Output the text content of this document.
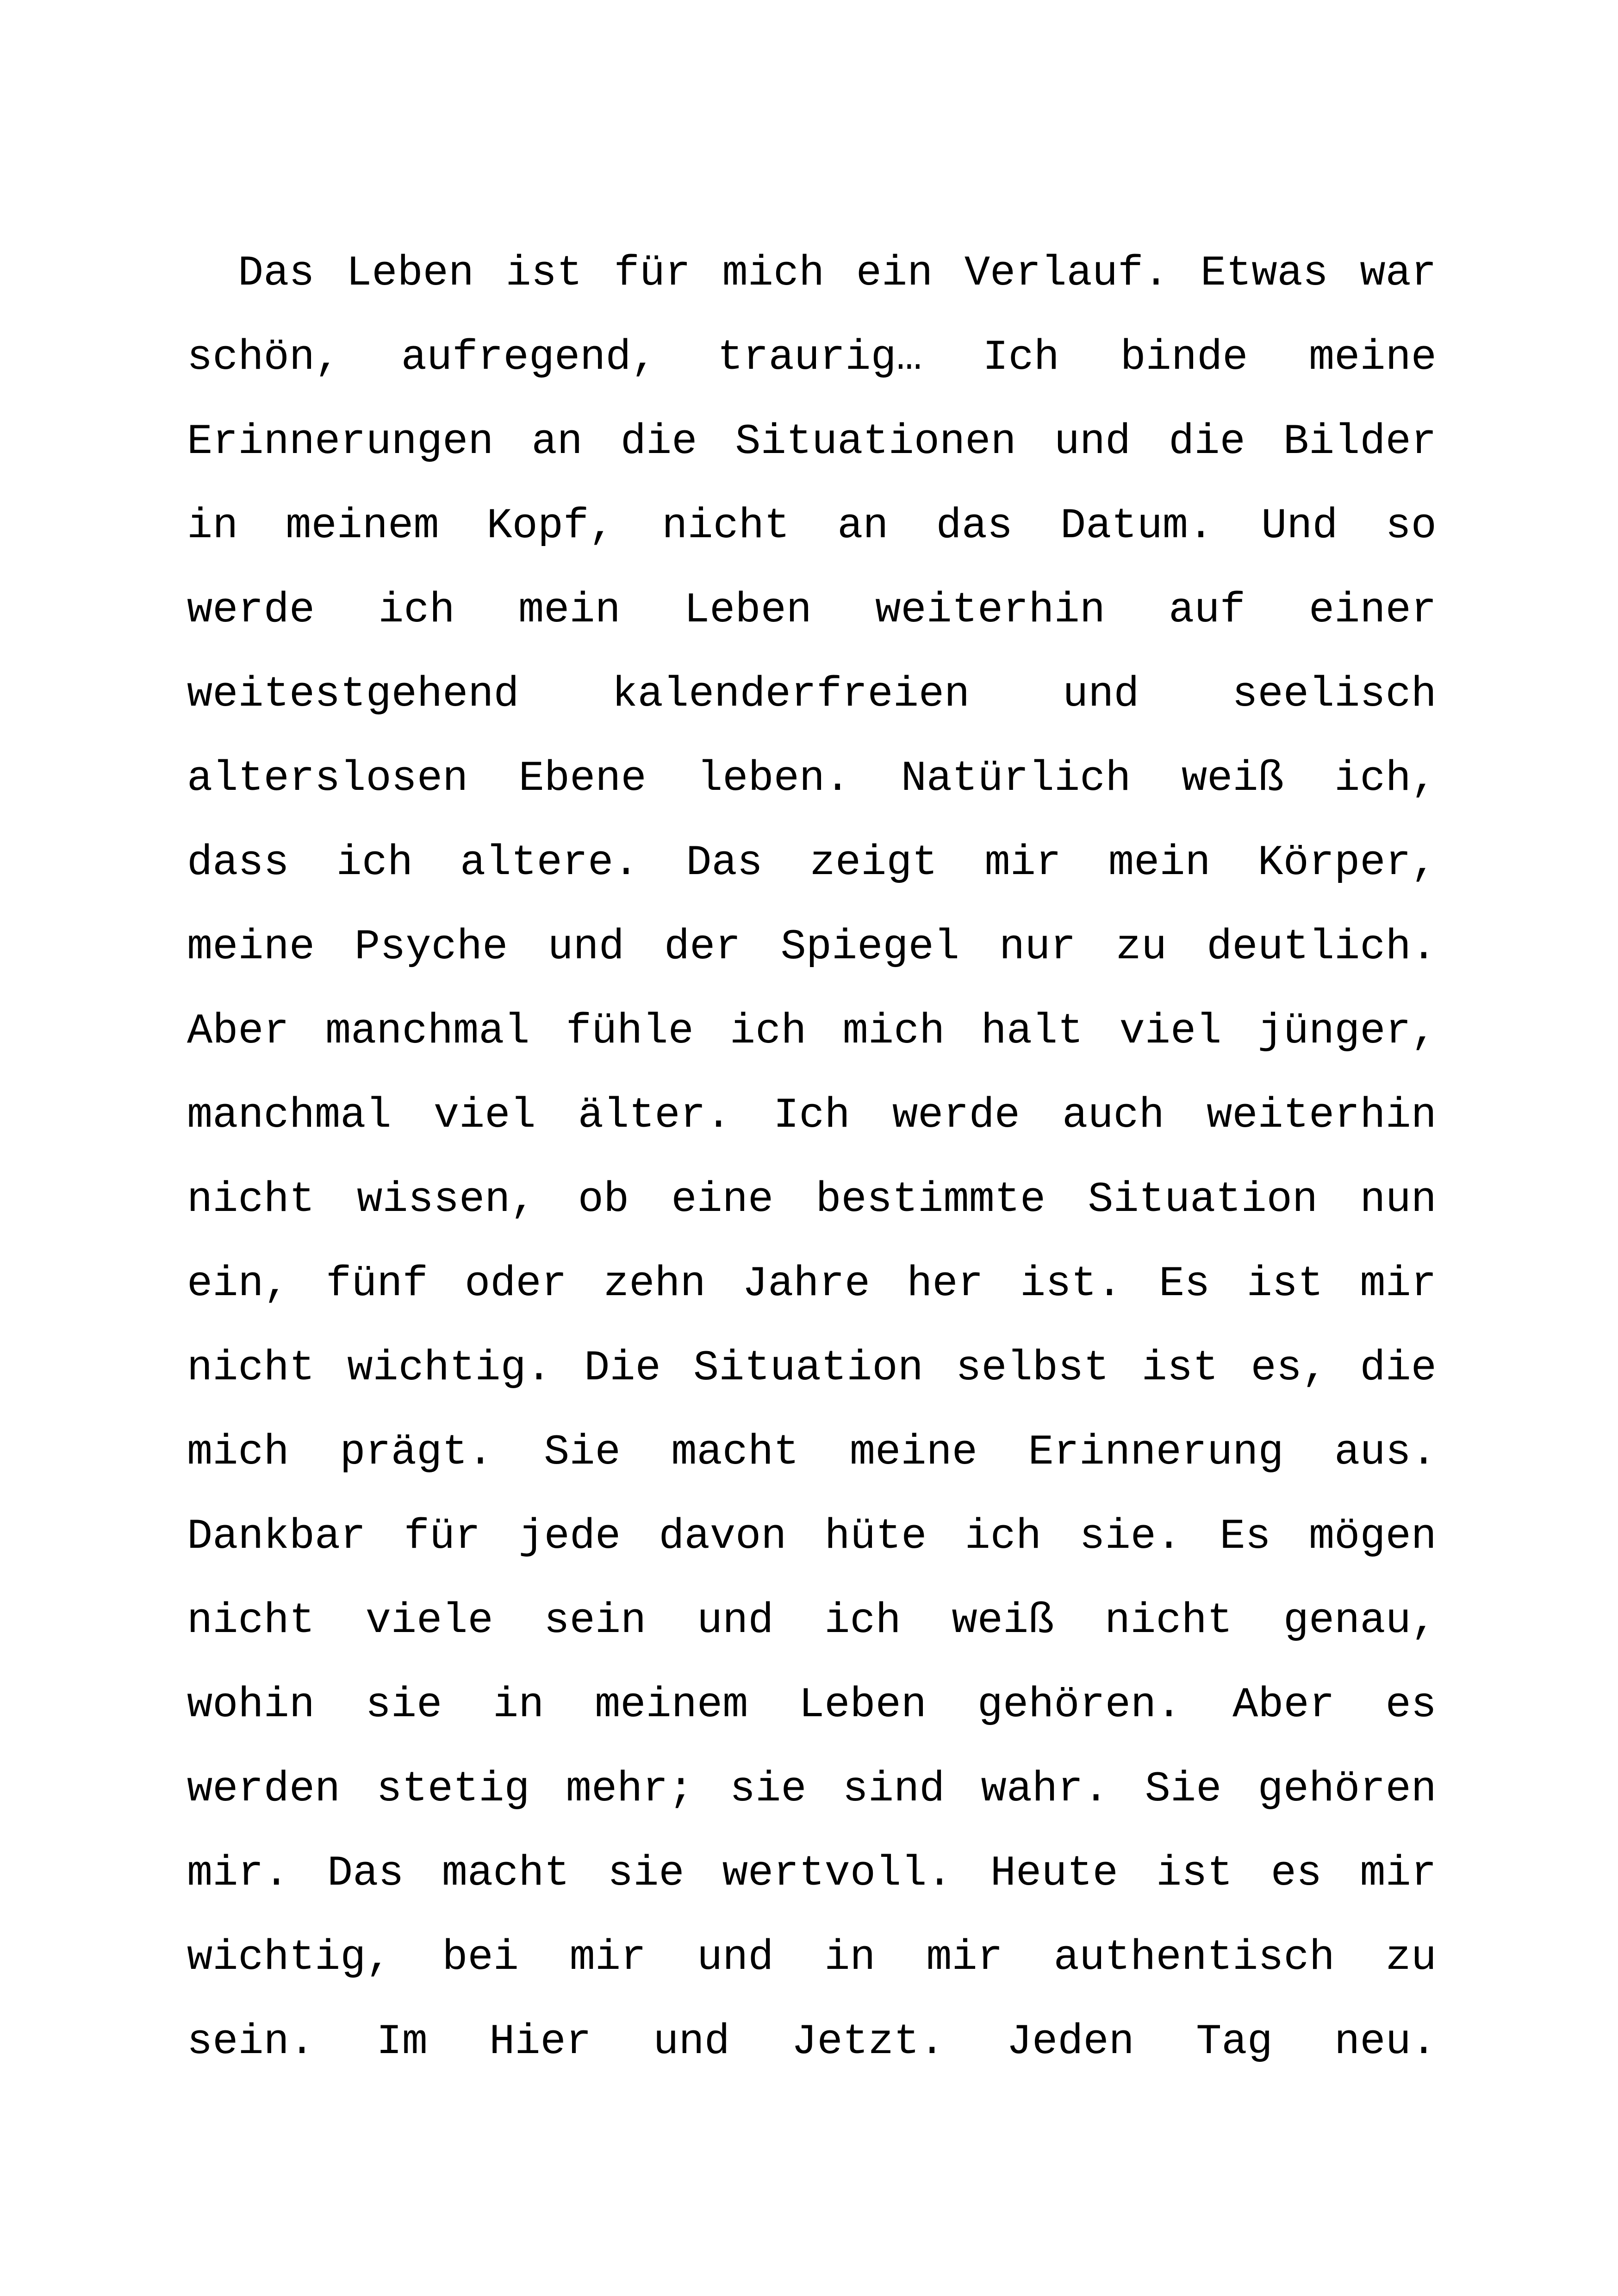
Das Leben ist für mich ein Verlauf. Etwas war
schön, aufregend, traurig… Ich binde meine
Erinnerungen an die Situationen und die Bilder
in meinem Kopf, nicht an das Datum. Und so
werde ich mein Leben weiterhin auf einer
weitestgehend kalenderfreien und seelisch
alterslosen Ebene leben. Natürlich weiß ich,
dass ich altere. Das zeigt mir mein Körper,
meine Psyche und der Spiegel nur zu deutlich.
Aber manchmal fühle ich mich halt viel jünger,
manchmal viel älter. Ich werde auch weiterhin
nicht wissen, ob eine bestimmte Situation nun
ein, fünf oder zehn Jahre her ist. Es ist mir
nicht wichtig. Die Situation selbst ist es, die
mich prägt. Sie macht meine Erinnerung aus.
Dankbar für jede davon hüte ich sie. Es mögen
nicht viele sein und ich weiß nicht genau,
wohin sie in meinem Leben gehören. Aber es
werden stetig mehr; sie sind wahr. Sie gehören
mir. Das macht sie wertvoll. Heute ist es mir
wichtig, bei mir und in mir authentisch zu
sein. Im Hier und Jetzt. Jeden Tag neu.
